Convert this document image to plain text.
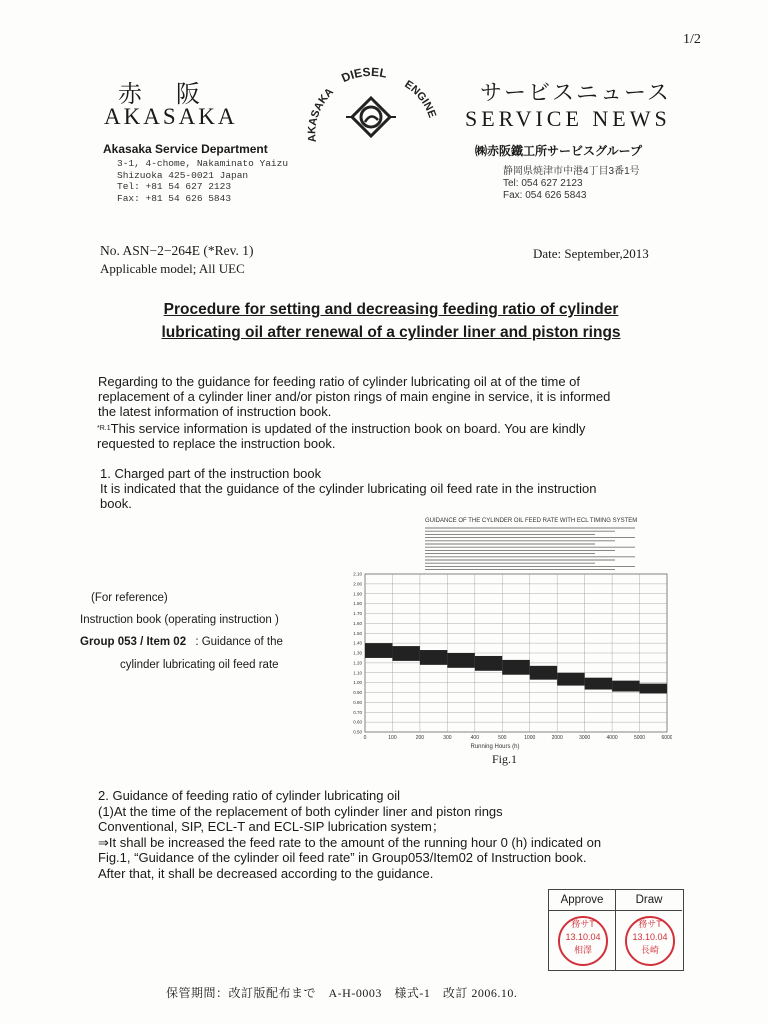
1/2
赤 阪
AKASAKA
AKASAKA
DIESEL
ENGINE
サービスニュース
SERVICE NEWS
Akasaka Service Department
3-1, 4-chome, Nakaminato Yaizu
Shizuoka 425-0021 Japan
Tel: +81 54 627 2123
Fax: +81 54 626 5843
㈱赤阪鐵工所サービスグループ
静岡県焼津市中港4丁目3番1号
Tel: 054 627 2123
Fax: 054 626 5843
No. ASN−2−264E (*Rev. 1)
Applicable model; All UEC
Date: September,2013
Procedure for setting and decreasing feeding ratio of cylinder
lubricating oil after renewal of a cylinder liner and piston rings
Regarding to the guidance for feeding ratio of cylinder lubricating oil at of the time of
replacement of a cylinder liner and/or piston rings of main engine in service, it is informed
the latest information of instruction book.
$^{*R.1}$This service information is updated of the instruction book on board. You are kindly
requested to replace the instruction book.
1. Charged part of the instruction book
It is indicated that the guidance of the cylinder lubricating oil feed rate in the instruction
book.
(For reference)
Instruction book (operating instruction )
Group 053 / Item 02 : Guidance of the
cylinder lubricating oil feed rate
GUIDANCE OF THE CYLINDER OIL FEED RATE WITH ECL TIMING SYSTEM
0	100	200	300	400	500	1000	2000	3000	4000	5000	6000
0.50
0.60
0.70
0.80
0.90
1.00
1.10
1.20
1.30
1.40
1.50
1.60
1.70
1.80
1.90
2.00
2.10
Running Hours (h)
Fig.1
2. Guidance of feeding ratio of cylinder lubricating oil
(1)At the time of the replacement of both cylinder liner and piston rings
Conventional, SIP, ECL-T and ECL-SIP lubrication system；
⇒It shall be increased the feed rate to the amount of the running hour 0 (h) indicated on
Fig.1, “Guidance of the cylinder oil feed rate” in Group053/Item02 of Instruction book.
After that, it shall be decreased according to the guidance.
Approve	Draw
務サT
13.10.04
相澤
務サT
13.10.04
長崎
保管期間：改訂版配布まで　A-H-0003　様式-1　改訂 2006.10.
